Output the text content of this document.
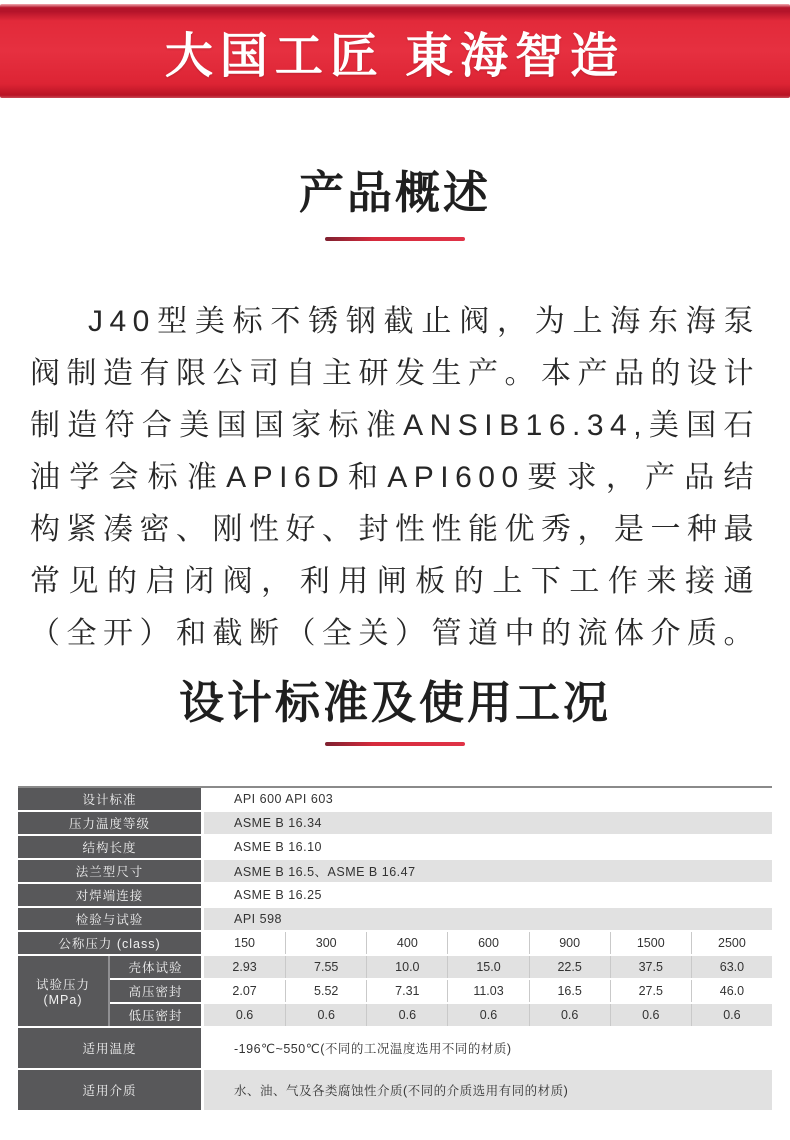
大国工匠 東海智造
产品概述
J40型美标不锈钢截止阀，为上海东海泵阀制造有限公司自主研发生产。本产品的设计制造符合美国国家标准ANSIB16.34,美国石油学会标准API6D和API600要求，产品结构紧凑密、刚性好、封性性能优秀，是一种最常见的启闭阀，利用闸板的上下工作来接通（全开）和截断（全关）管道中的流体介质。
设计标准及使用工况
设计标准	API 600 API 603
压力温度等级	ASME B 16.34
结构长度	ASME B 16.10
法兰型尺寸	ASME B 16.5、ASME B 16.47
对焊端连接	ASME B 16.25
检验与试验	API 598
公称压力 (class)	150	300	400	600	900	1500	2500
试验压力(MPa)
壳体试验	2.93	7.55	10.0	15.0	22.5	37.5	63.0
高压密封	2.07	5.52	7.31	11.03	16.5	27.5	46.0
低压密封	0.6	0.6	0.6	0.6	0.6	0.6	0.6
适用温度	-196℃~550℃(不同的工况温度选用不同的材质)
适用介质	水、油、气及各类腐蚀性介质(不同的介质选用有同的材质)
